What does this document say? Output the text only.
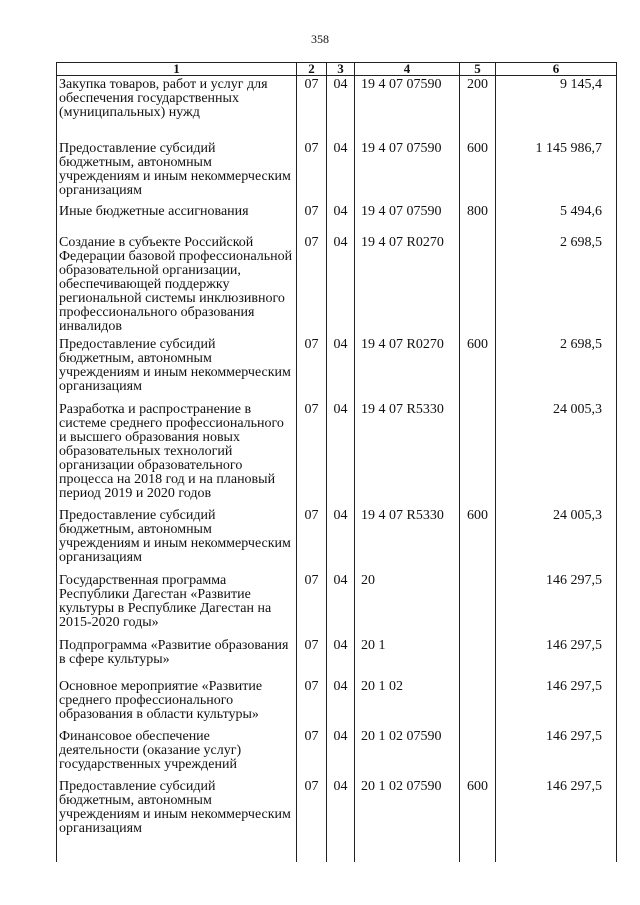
358
1	2	3	4	5	6
Закупка товаров, работ и услуг для обеспечения государственных (муниципальных) нужд	07	04	19 4 07 07590	200	9 145,4
Предоставление субсидий бюджетным, автономным учреждениям и иным некоммерческим организациям	07	04	19 4 07 07590	600	1 145 986,7
Иные бюджетные ассигнования	07	04	19 4 07 07590	800	5 494,6
Создание в субъекте Российской Федерации базовой профессиональной образовательной организации, обеспечивающей поддержку региональной системы инклюзивного профессионального образования инвалидов	07	04	19 4 07 R0270		2 698,5
Предоставление субсидий бюджетным, автономным учреждениям и иным некоммерческим организациям	07	04	19 4 07 R0270	600	2 698,5
Разработка и распространение в системе среднего профессионального и высшего образования новых образовательных технологий организации образовательного процесса на 2018 год и на плановый период 2019 и 2020 годов	07	04	19 4 07 R5330		24 005,3
Предоставление субсидий бюджетным, автономным учреждениям и иным некоммерческим организациям	07	04	19 4 07 R5330	600	24 005,3
Государственная программа Республики Дагестан «Развитие культуры в Республике Дагестан на 2015-2020 годы»	07	04	20		146 297,5
Подпрограмма «Развитие образования в сфере культуры»	07	04	20 1		146 297,5
Основное мероприятие «Развитие среднего профессионального образования в области культуры»	07	04	20 1 02		146 297,5
Финансовое обеспечение деятельности (оказание услуг) государственных учреждений	07	04	20 1 02 07590		146 297,5
Предоставление субсидий бюджетным, автономным учреждениям и иным некоммерческим организациям	07	04	20 1 02 07590	600	146 297,5
